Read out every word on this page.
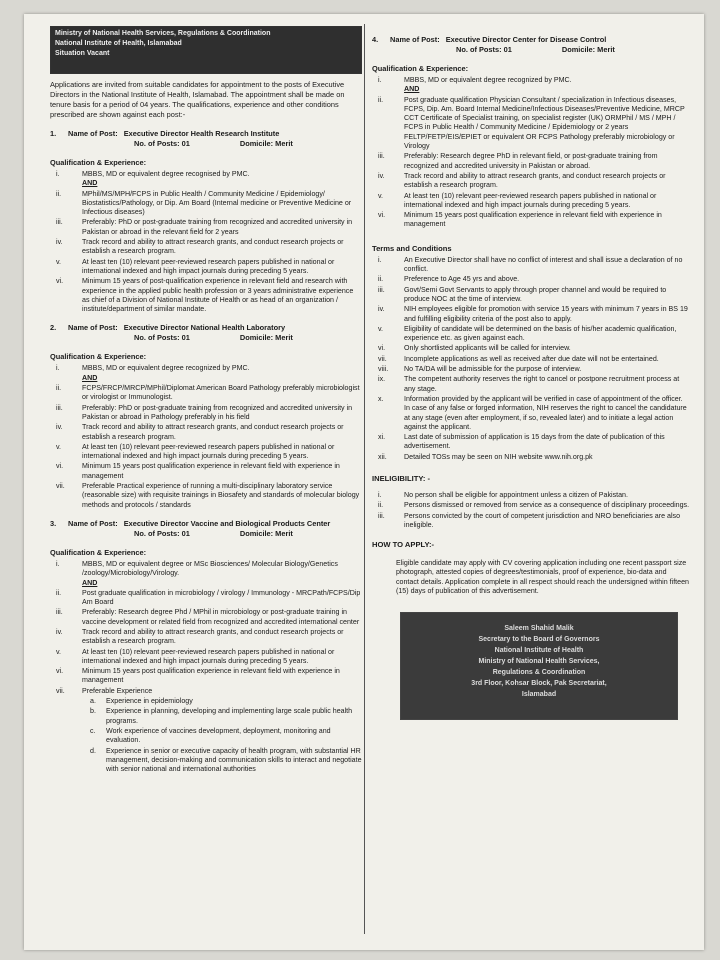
Ministry of National Health Services, Regulations & Coordination
National Institute of Health, Islamabad
Situation Vacant

Applications are invited from suitable candidates for appointment to the posts of Executive Directors in the National Institute of Health, Islamabad. The appointment shall be made on tenure basis for a period of 04 years. The qualifications, experience and other conditions prescribed are shown against each post:-

1. Name of Post: Executive Director Health Research Institute
No. of Posts: 01	Domicile: Merit
Qualification & Experience:
i.	MBBS, MD or equivalent degree recognised by PMC.
AND
ii.	MPhil/MS/MPH/FCPS in Public Health / Community Medicine / Epidemiology/ Biostatistics/Pathology, or Dip. Am Board (Internal medicine or Preventive Medicine or Infectious diseases)
iii.	Preferably: PhD or post-graduate training from recognized and accredited university in Pakistan or abroad in the relevant field for 2 years
iv.	Track record and ability to attract research grants, and conduct research projects or establish a research program.
v.	At least ten (10) relevant peer-reviewed research papers published in national or international indexed and high impact journals during preceding 5 years.
vi.	Minimum 15 years of post-qualification experience in relevant field and research with experience in the applied public health profession or 3 years administrative experience as chief of a Division of National Institute of Health or as head of an organization / institute/department of similar mandate.
2. Name of Post: Executive Director National Health Laboratory
No. of Posts: 01	Domicile: Merit
Qualification & Experience:
i.	MBBS, MD or equivalent degree recognized by PMC.
AND
ii.	FCPS/FRCP/MRCP/MPhil/Diplomat American Board Pathology preferably microbiologist or virologist or Immunologist.
iii.	Preferably: PhD or post-graduate training from recognized and accredited university in Pakistan or abroad in Pathology preferably in his field
iv.	Track record and ability to attract research grants, and conduct research projects or establish a research program.
v.	At least ten (10) relevant peer-reviewed research papers published in national or international indexed and high impact journals during preceding 5 years.
vi.	Minimum 15 years post qualification experience in relevant field with experience in management
vii. Preferable Practical experience of running a multi-disciplinary laboratory service (reasonable size) with requisite trainings in Biosafety and standards of molecular biology methods and protocols / standards
3. Name of Post: Executive Director Vaccine and Biological Products Center
No. of Posts: 01	Domicile: Merit
Qualification & Experience:
i.	MBBS, MD or equivalent degree or MSc Biosciences/ Molecular Biology/Genetics /zoology/Microbiology/Virology.
AND
ii.	Post graduate qualification in microbiology / virology / Immunology - MRCPath/FCPS/Dip Am Board
iii.	Preferably: Research degree Phd / MPhil in microbiology or post-graduate training in vaccine development or related field from recognized and accredited international center
iv.	Track record and ability to attract research grants, and conduct research projects or establish a research program.
v.	At least ten (10) relevant peer-reviewed research papers published in national or international indexed and high impact journals during preceding 5 years.
vi.	Minimum 15 years post qualification experience in relevant field with experience in management
vii. Preferable Experience
a. Experience in epidemiology
b. Experience in planning, developing and implementing large scale public health programs.
c. Work experience of vaccines development, deployment, monitoring and evaluation.
d. Experience in senior or executive capacity of health program, with substantial HR management, decision-making and communication skills to interact and negotiate with senior national and international authorities
4. Name of Post: Executive Director Center for Disease Control
No. of Posts: 01	Domicile: Merit
Qualification & Experience:
i.	MBBS, MD or equivalent degree recognized by PMC.
AND
ii.	Post graduate qualification Physician Consultant / specialization in Infectious diseases, FCPS, Dip. Am. Board Internal Medicine/Infectious Diseases/Preventive Medicine, MRCP CCT Certificate of Specialist training, on specialist register (UK) ORMPhil / MS / MPH / FCPS in Public Health / Community Medicine / Epidemiology or 2 years FELTP/FETP/EIS/EPIET or equivalent OR FCPS Pathology preferably microbiology or Virology
iii.	Preferably: Research degree PhD in relevant field, or post-graduate training from recognized and accredited university in Pakistan or abroad.
iv.	Track record and ability to attract research grants, and conduct research projects or establish a research program.
v.	At least ten (10) relevant peer-reviewed research papers published in national or international indexed and high impact journals during preceding 5 years.
vi.	Minimum 15 years post qualification experience in relevant field with experience in management
Terms and Conditions
i.	An Executive Director shall have no conflict of interest and shall issue a declaration of no conflict.
ii.	Preference to Age 45 yrs and above.
iii.	Govt/Semi Govt Servants to apply through proper channel and would be required to produce NOC at the time of interview.
iv.	NIH employees eligible for promotion with service 15 years with minimum 7 years in BS 19 and fulfilling eligibility criteria of the post also to apply.
v.	Eligibility of candidate will be determined on the basis of his/her academic qualification, experience etc. as given against each.
vi.	Only shortlisted applicants will be called for interview.
vii. Incomplete applications as well as received after due date will not be entertained.
viii. No TA/DA will be admissible for the purpose of interview.
ix.	The competent authority reserves the right to cancel or postpone recruitment process at any stage.
x.	Information provided by the applicant will be verified in case of appointment of the officer. In case of any false or forged information, NIH reserves the right to cancel the candidature at any stage (even after employment, if so, revealed later) and to initiate a legal action against the applicant.
xi.	Last date of submission of application is 15 days from the date of publication of this advertisement.
xii. Detailed TOSs may be seen on NIH website www.nih.org.pk
INELIGIBILITY: -
i.	No person shall be eligible for appointment unless a citizen of Pakistan.
ii.	Persons dismissed or removed from service as a consequence of disciplinary proceedings.
iii.	Persons convicted by the court of competent jurisdiction and NRO beneficiaries are also ineligible.
HOW TO APPLY:-

Eligible candidate may apply with CV covering application including one recent passport size photograph, attested copies of degrees/testimonials, proof of experience, bio-data and contact details. Application complete in all respect should reach the undersigned within fifteen (15) days of publication of this advertisement.

Saleem Shahid Malik
Secretary to the Board of Governors
National Institute of Health
Ministry of National Health Services,
Regulations & Coordination
3rd Floor, Kohsar Block, Pak Secretariat,
Islamabad
